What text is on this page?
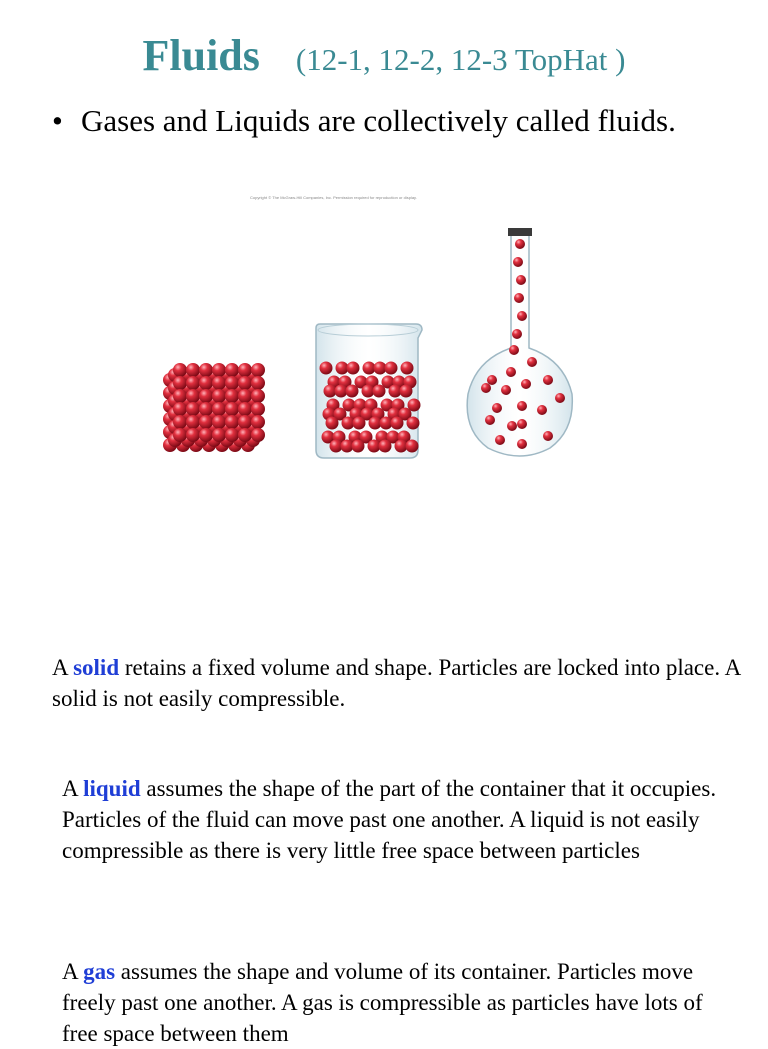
Fluids (12-1, 12-2, 12-3 TopHat )
• Gases and Liquids are collectively called fluids.
Copyright © The McGraw-Hill Companies, Inc. Permission required for reproduction or display.
A solid retains a fixed volume and shape. Particles are locked into place. A solid is not easily compressible.
A liquid assumes the shape of the part of the container that it occupies. Particles of the fluid can move past one another. A liquid is not easily compressible as there is very little free space between particles
A gas assumes the shape and volume of its container. Particles move freely past one another. A gas is compressible as particles have lots of free space between them
